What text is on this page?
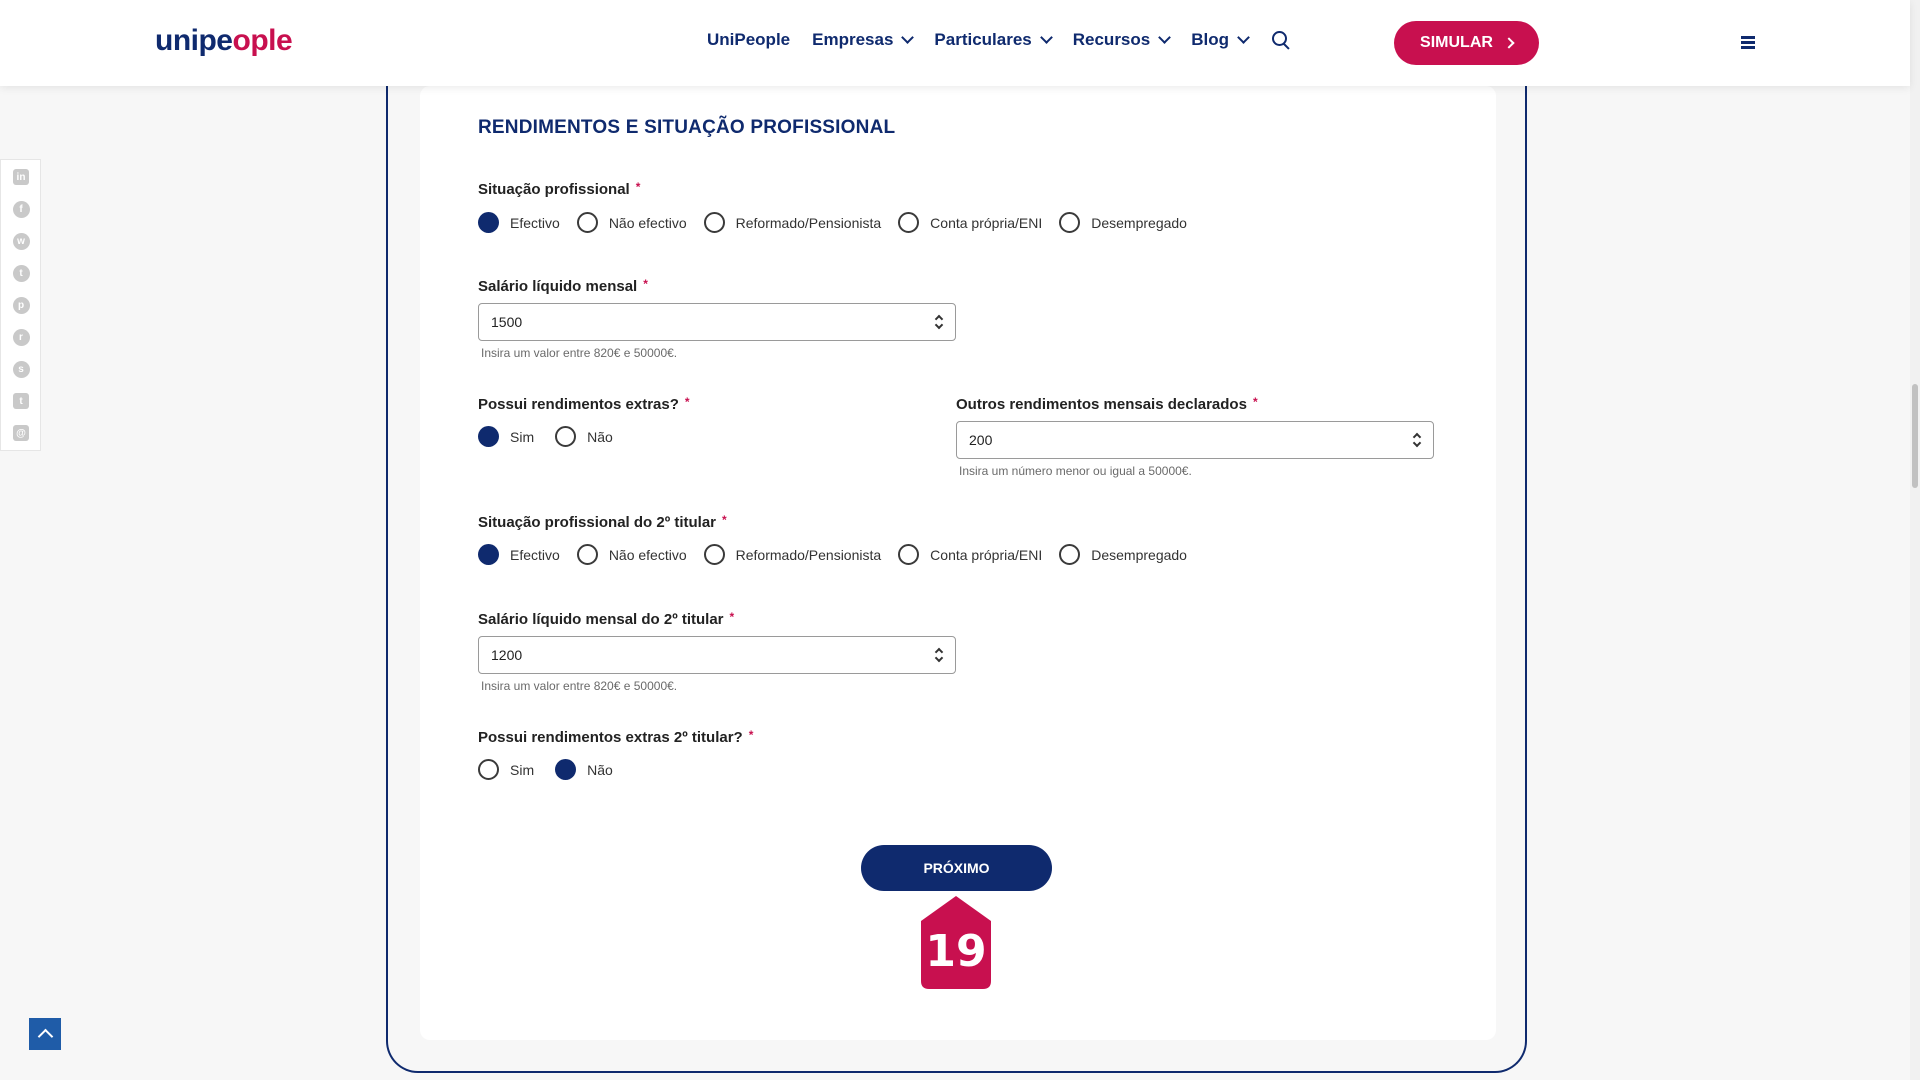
unipeople	UniPeople Empresas Particulares Recursos Blog	SIMULAR
in
f
w
t
p
r
s
t
@
RENDIMENTOS E SITUAÇÃO PROFISSIONAL
Situação profissional *
Efectivo	Não efectivo	Reformado/Pensionista	Conta própria/ENI	Desempregado
Salário líquido mensal *
1500
Insira um valor entre 820€ e 50000€.
Possui rendimentos extras? *
Sim	Não
Outros rendimentos mensais declarados *
200
Insira um número menor ou igual a 50000€.
Situação profissional do 2º titular *
Efectivo	Não efectivo	Reformado/Pensionista	Conta própria/ENI	Desempregado
Salário líquido mensal do 2º titular *
1200
Insira um valor entre 820€ e 50000€.
Possui rendimentos extras 2º titular? *
Sim	Não
PRÓXIMO
19
